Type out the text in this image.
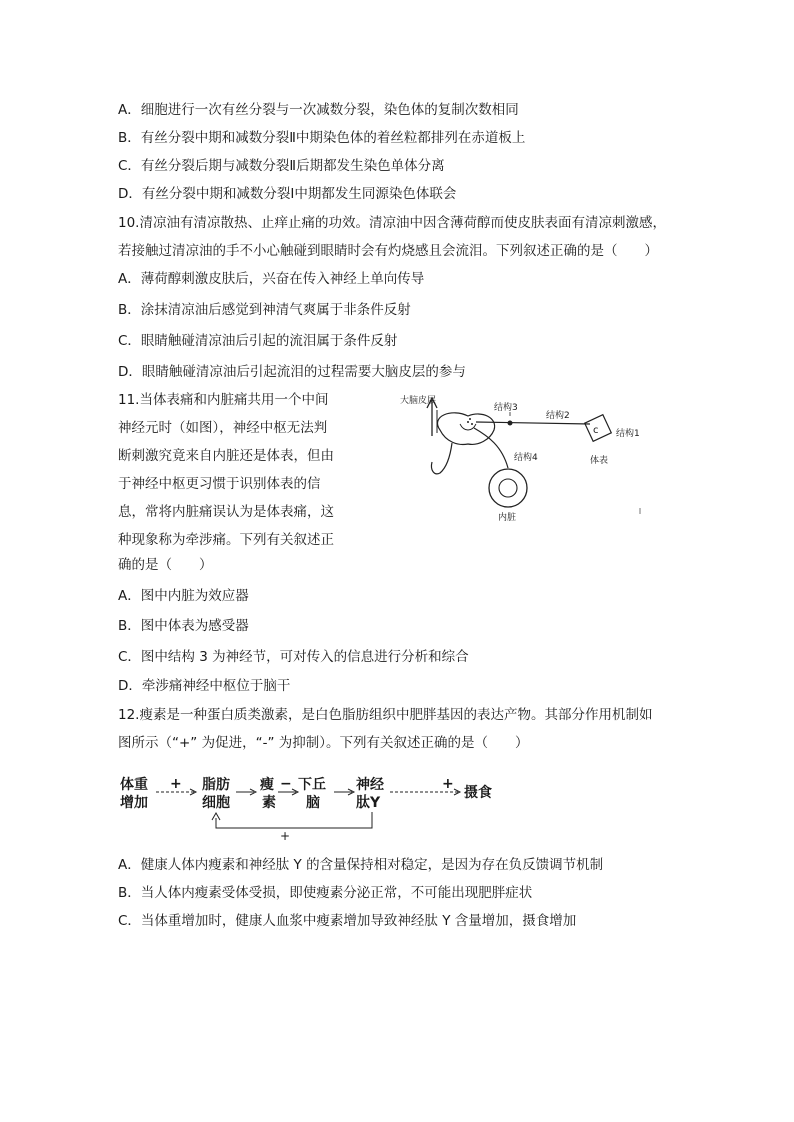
A．细胞进行一次有丝分裂与一次减数分裂，染色体的复制次数相同
B．有丝分裂中期和减数分裂Ⅱ中期染色体的着丝粒都排列在赤道板上
C．有丝分裂后期与减数分裂Ⅱ后期都发生染色单体分离
D．有丝分裂中期和减数分裂Ⅰ中期都发生同源染色体联会
10.清凉油有清凉散热、止痒止痛的功效。清凉油中因含薄荷醇而使皮肤表面有清凉刺激感，
若接触过清凉油的手不小心触碰到眼睛时会有灼烧感且会流泪。下列叙述正确的是（　　）
A．薄荷醇刺激皮肤后，兴奋在传入神经上单向传导
B．涂抹清凉油后感觉到神清气爽属于非条件反射
C．眼睛触碰清凉油后引起的流泪属于条件反射
D．眼睛触碰清凉油后引起流泪的过程需要大脑皮层的参与
11.当体表痛和内脏痛共用一个中间
神经元时（如图），神经中枢无法判
断刺激究竟来自内脏还是体表，但由
于神经中枢更习惯于识别体表的信
息，常将内脏痛误认为是体表痛，这
种现象称为牵涉痛。下列有关叙述正
确的是（　　）
大脑皮层
结构3
结构2
c 结构1
体表
结构4
内脏
A．图中内脏为效应器
B．图中体表为感受器
C．图中结构 3 为神经节，可对传入的信息进行分析和综合
D．牵涉痛神经中枢位于脑干
12.瘦素是一种蛋白质类激素，是白色脂肪组织中肥胖基因的表达产物。其部分作用机制如
图所示（“+” 为促进，“-” 为抑制）。下列有关叙述正确的是（　　）
体重
增加
+ 脂肪
细胞
瘦
素
− 下丘
脑
神经
肽Y
+
摄食
+
A．健康人体内瘦素和神经肽 Y 的含量保持相对稳定，是因为存在负反馈调节机制
B．当人体内瘦素受体受损，即使瘦素分泌正常，不可能出现肥胖症状
C．当体重增加时，健康人血浆中瘦素增加导致神经肽 Y 含量增加，摄食增加
